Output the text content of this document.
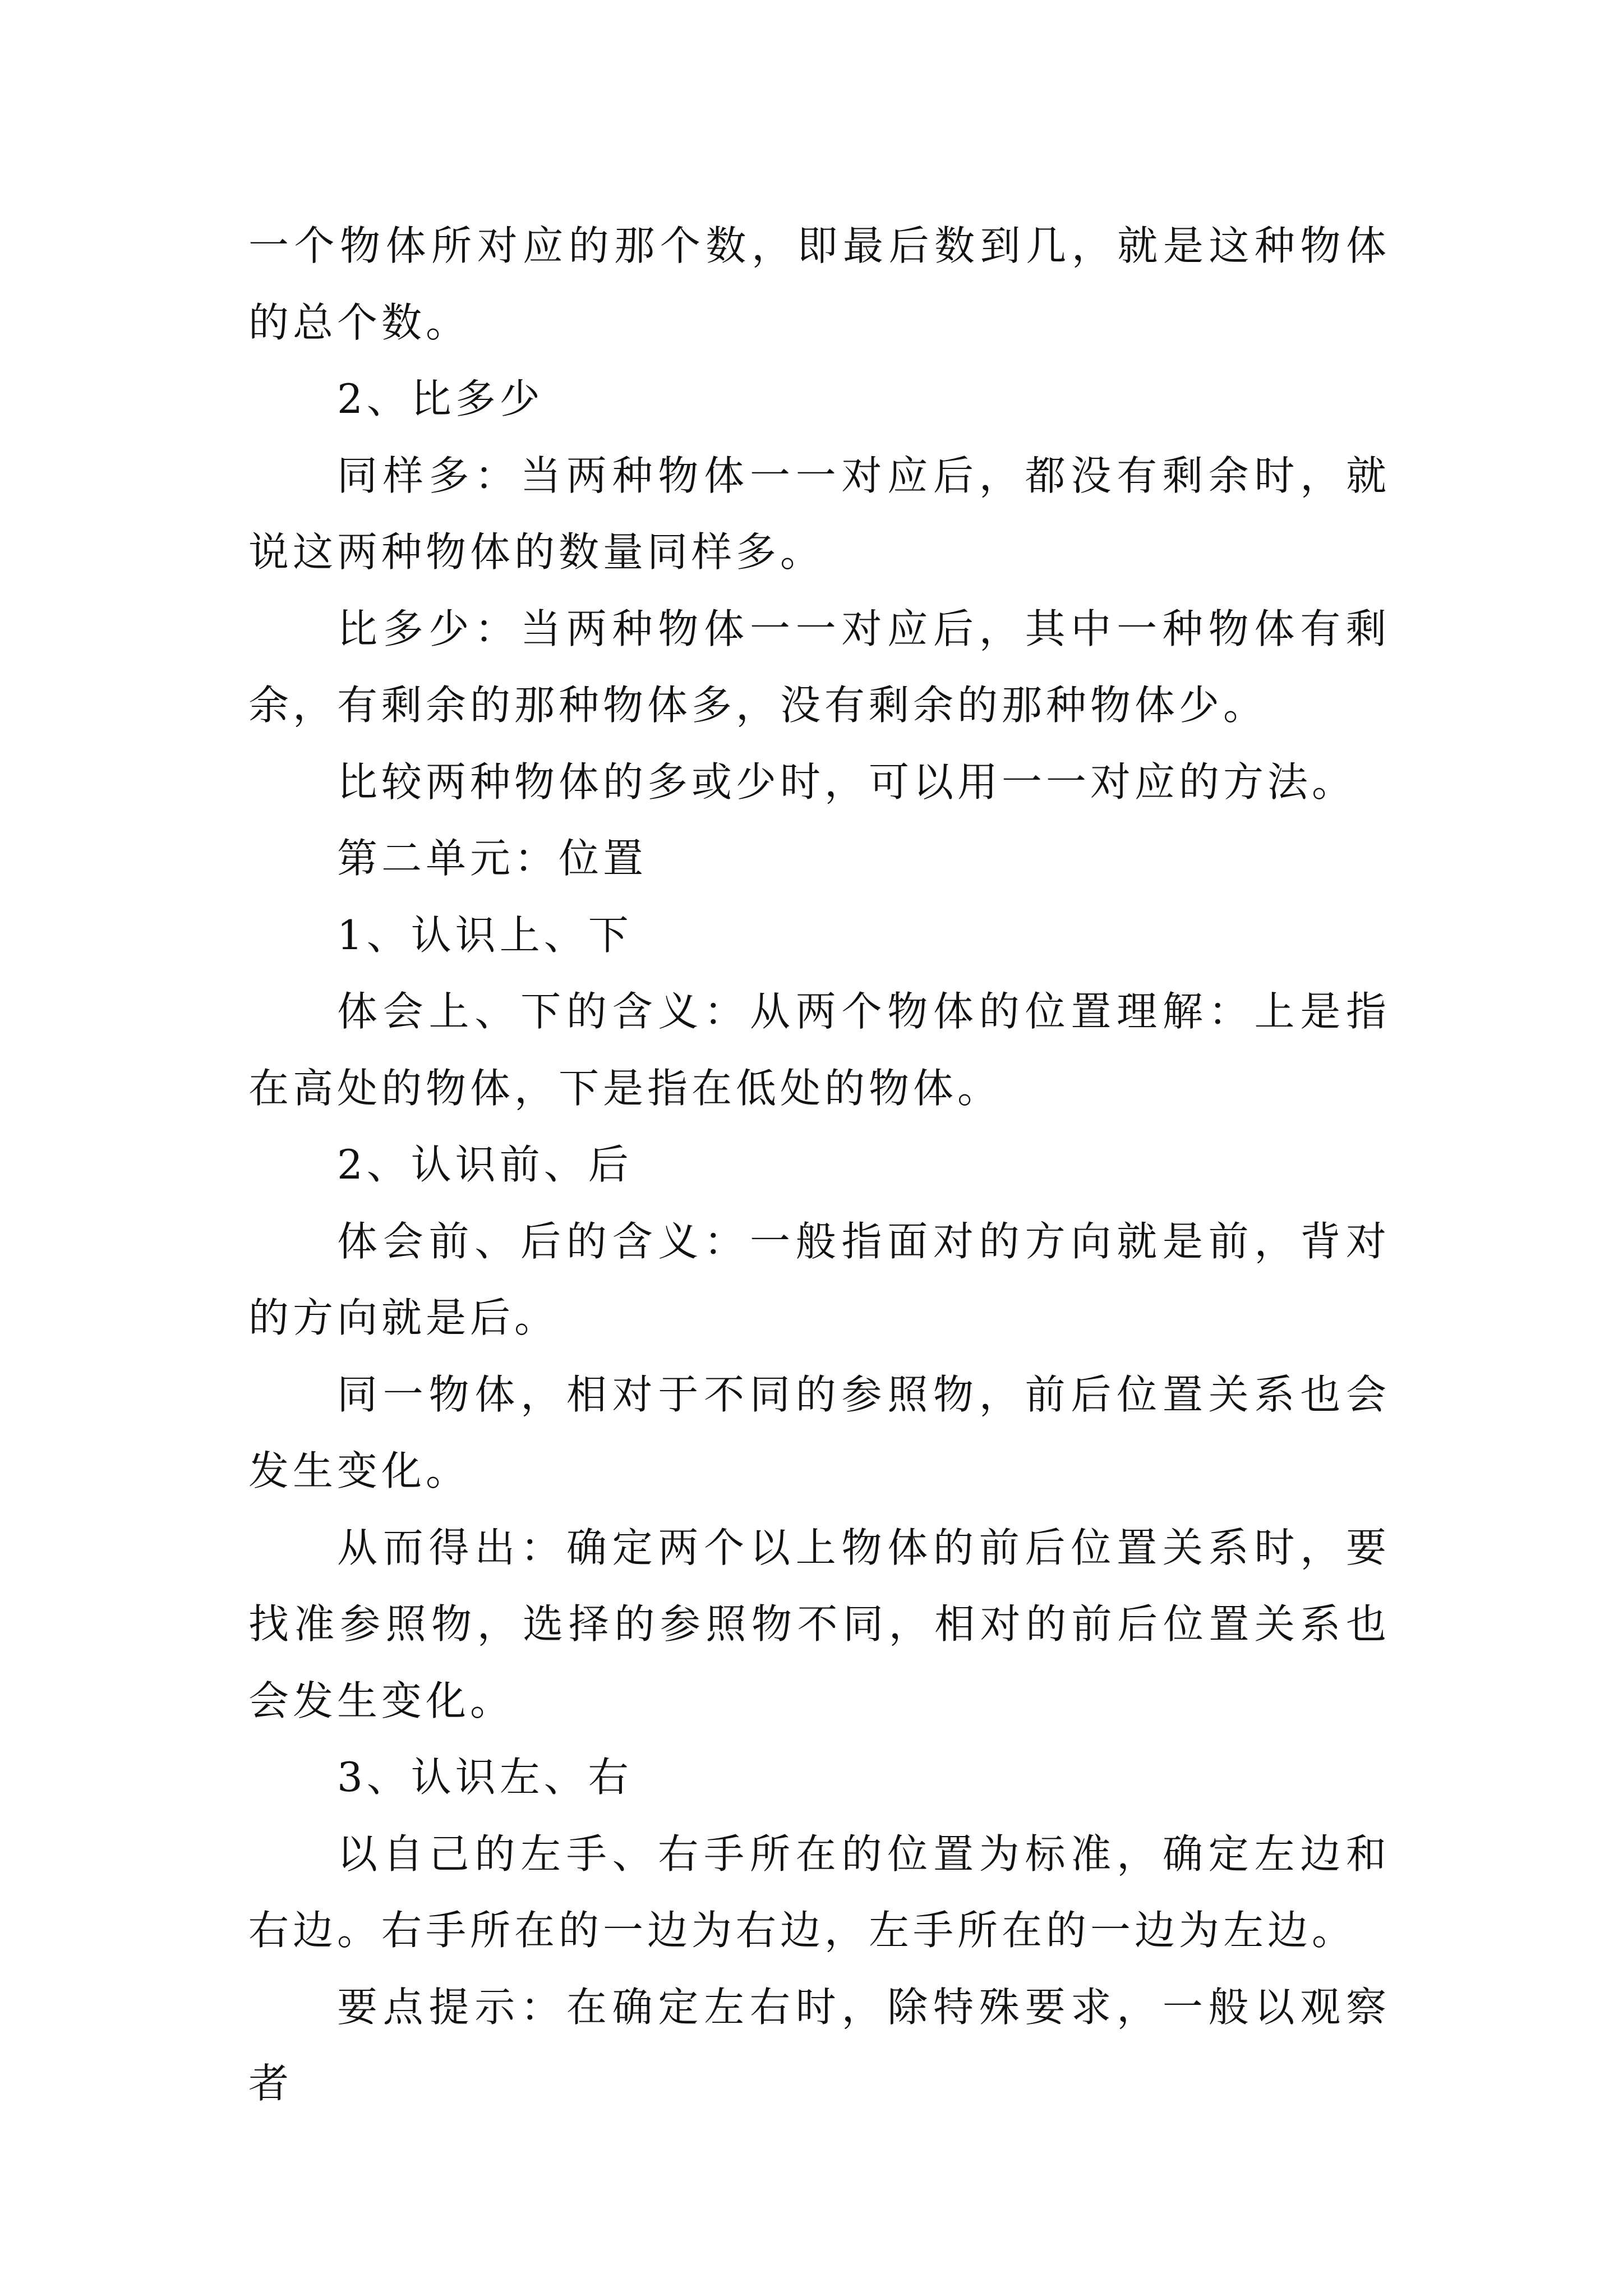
一个物体所对应的那个数，即最后数到几，就是这种物体的总个数。

2、比多少

同样多：当两种物体一一对应后，都没有剩余时，就说这两种物体的数量同样多。

比多少：当两种物体一一对应后，其中一种物体有剩余，有剩余的那种物体多，没有剩余的那种物体少。

比较两种物体的多或少时，可以用一一对应的方法。

第二单元：位置

1、认识上、下

体会上、下的含义：从两个物体的位置理解：上是指在高处的物体，下是指在低处的物体。

2、认识前、后

体会前、后的含义：一般指面对的方向就是前，背对的方向就是后。

同一物体，相对于不同的参照物，前后位置关系也会发生变化。

从而得出：确定两个以上物体的前后位置关系时，要找准参照物，选择的参照物不同，相对的前后位置关系也会发生变化。

3、认识左、右

以自己的左手、右手所在的位置为标准，确定左边和右边。右手所在的一边为右边，左手所在的一边为左边。

要点提示：在确定左右时，除特殊要求，一般以观察者
